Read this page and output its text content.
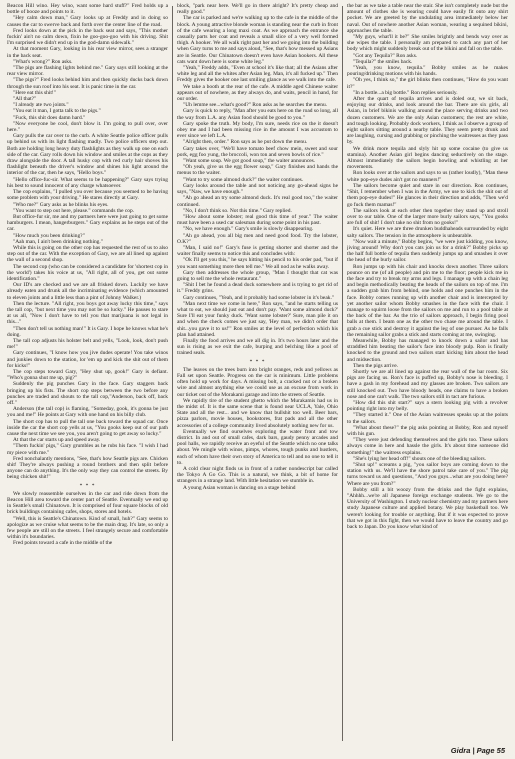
Beacon Hill wino. Hey wino, want some hard stuff?" Fred holds up a bottle of booze and points to it.

"Hey calm down man," Gary looks up at Freddy and in doing so causes the car to swerve back and forth over the center line of the road.

Fred looks down at the pick in the back seat and says, "This mother fuckin' ain't no calm down, fixin he goo-goo-goo with his driving. Shit I'm surprised we didn't end up in the god-damn sidewalk."

At that moment Gary, looking in his rear view mirror, sees a stranger in the back seat.

"What's wrong?" Ron asks.

"The pigs are flashing lights behind me." Gary says still looking at the rear view mirror.

"The pigs?" Fred looks behind him and then quickly ducks back down through the sun roof into his seat. It is panic time in the car.

"Here eat this shit!"

"All that?"

"I already ate two joints."

"You eat it man, I gotta talk to the pigs."

"Fuck, this shit does damn hard."

"Now everyone be cool, don't blow it. I'm going to pull over, over here."

Gary pulls the car over to the curb. A white Seattle police officer pulls up behind us with its light flashing madly. Two police officers step out. Both are holding long heavy duty flashlights as they walk up one on each side of the car. Gary rolls down his window and smiles at the cops as they draw alongside the door. A tall husky cop with red curly hair shoves his flashlight beneath the driver's window and shines his light around the interior of the car, then he says, "Hello boys."

"Hello office-fuc-sir. What seems to be happening?" Gary says trying his best to sound innocent of any charge whatsoever.

The cop explains, "I pulled you over because you seemed to be having some problem with your driving." He stares directly at Gary.

"Who me?" Gary asks as he blinks his eyes.

"You want to step out here, please." commands the cop.

But office-fur sir, me and my partners here were just going to get some hamburgers. I mean, hangerburgers." Gary explains as he steps out of the car.

"How much you been drinking?"

"Aah man, I ain't been drinking nothing."

While this is going on the other cop has requested the rest of us to also step out of the car. With the exception of Gary, we are all lined up against the wall of a second shop.

The second cop (who can be considered a candidate for 'shortest cop in the world') takes his voice at us, "All right, all of you, get out some identification."

Our ID's are checked and we are all frisked down. Luckily we have already eaten and drunk all the incriminating evidence (which amounted to eleven joints and a little less than a pint of Johnny Walker.)

Then the lecture. "All right, you boys got away lucky this time," says the tall cop, "but next time you may not be so lucky." He pauses to stare at us all, "Now I don't have to tell you that marijuana is not legal in this..."

"Then don't tell us nothing man!" It is Gary. I hope he knows what he's doing.

The tall cop adjusts his holster belt and yells, "Look, look, don't push me!"

Gary continues, "I know how you jive dudes operate! You take winos and junkies down to the station, lor 'em up and kick the shit out of them for kicks!"

The cop steps toward Gary, "Hey shut up, gook!" Gary is defiant. "Who's gonna shut me up, pig?"

Suddenly the pig punches Gary in the face. Gary staggers back bringing up his fists. The short cop steps between the two before any punches are traded and shouts to the tall cop,"Anderson, back off, back off."

Anderson (the tall cop) is flaming, "Someday, gook, it's gonna be just you and me!" He points at Gary with one hand on his billy club.

The short cop has to pull the tall one back toward the squad car. Once inside the car the short cop yells at us, "You gooks keep out of our path cause the next time we see you, you aren't going to get away so lucky."

At that the car starts up and speed away.

"Them fuckin' pigs," Gary grumbles as he rubs his face. "I wish I had my piece with me."

Fred nonchalantly mentions, "See, that's how Seattle pigs are. Chicken shit! They're always pushing a round brothers and then split before anyone can do anything. It's the only way they can control the streets. By being chicken shit!"

* * *

We slowly reassemble ourselves in the car and ride down from the Beacon Hill area toward the center part of Seattle. Eventually we end up in Seattle's small Chinatown. It is comprised of four square blocks of old brick buildings containing cafes, shops, stores and hotels.

"Well, this is Seattle's Chinatown. Kind of small, huh?" Gary seems to apologize as we cruise what seems to be the main drag. It's late, so only a few people are still on the streets. I feel strangely secure and comfortable within it's boundaries.

Fred points toward a cafe in the middle of the

block, "park near here. We'll go in there alright? It's pretty cheap and really good."

The car is parked and we're walking up to the cafe in the middle of the block. A young attractive blonde woman is standing near the curb in front of the cafe wearing a long maxi coat. As we approach the entrance she casually parts her coat and reveals a small slice of a very well formed thigh. A hooker. We all walk right past her and we going into the building when Gary turns to me and says aloud, "See, that's how messed up Asians are in Seattle. Our Chinatown doesn't even have Asian hookers. All these cats want down here is some white leg."

"Yeah," Freddy adds, "Even at school it's like that; all the Asians after white leg and all the whites after Asian leg. Man, it's all fucked up." Then Freddy gives the hooker one last smiling glance as we walk into the cafe.

We take a booth at the rear of the cafe. A middle aged Chinese waiter appears out of nowhere, as they always do, and waits, pencil in hand, for our order.

"Uh lemme see...what's good?" Ron asks as he searches the menu.

Gary is quick to reply, "Man after you eats here on the road so long, all the way from L.A. any Asian food should be good to you."

Gary spoke the truth. My body, I'm sure, needs rice on the it doesn't obey me and I had been missing rice in the amount I was accustom to ever since we left L.A.

"Alright then, order." Ron says as he put down the menu.

Gary takes over, "We'll have tomato beef chow mein, sweet and sour pork, egg foo yung, the broccoli, won ton and seven bowls of rice."

"Want some soup. We got good soup," the waiter announces.

"Oh yeah, give us the egg flower soup," Gary finishes and hands the menus to the waiter.

"Want to try some almond duck?" the waiter continues.

Gary looks around the table and not noticing any go-ahead signs he says, "Naw, we have enough."

"Ah go ahead an try some almond duck. It's real good too," the waiter continued.

"No, I don't think so. Not this time." Gary replied.

"How about some lobster; real good this time of year." The waiter must have been a used car salesman during some point in his past.

"No, we have enough." Gary's smile is slowly disappearing.

"Ah go ahead, you all big men and need good food. Try the lobster, O.K?"

"Man, I said no!" Gary's fuse is getting shorter and shorter and the waiter finally seems to notice this and concludes with:

"Ok I'll get you this," he says hitting his pencil to his order pad, "but if you want something more then tell me." We all nod as he walks away.

Gary then addresses the whole group, "Man I thought that cat was going to sell me the whole restaurant."

"Shit I bet he found a dead duck somewhere and is trying to get rid of it." Freddy grins.

Gary continues, "Yeah, and it probably had some lobster in it's beak."

"Man next time we come in here," Ron says, "and he starts telling us what to eat, we should just eat and don't pay. 'Want some almond duck?' Sure I'll eat your funky duck. 'Want some lobster?' Sure, man pile it on and when the check comes we just say, 'Hey man, we didn't order that shit...you gave it to us!'" Ron smiles at the level of perfection which his plan had attained.

Finally the food arrives and we all dig in. It's two hours later and the sun is rising as we exit the cafe, burping and belching like a pool of trained seals.

* * *

The leaves on the trees burn into bright oranges, reds and yellows as Fall set upon Seattle. Progress on the car is minimum. Little problems often hold up work for days. A missing bolt, a cracked nut or a broken wire and almost anything else we could use as an excuse from work in our ticket out of the Morakami garage and into the streets of Seattle.

We rapidly tire of the student ghetto which the Murakamis had us in the midst of. It is the same scene that is found near UCLA, Yale, Ohio State and all the rest... and we know that bullshit too well. Beer bars, pizza parlors, movie houses, bookstores, frat pads and all the other accessories of a college community lived absolutely nothing new for us.

Eventually we find ourselves exploring the water front and tow district. In and out of small cafes, dark bars, gaudy penny arcades and pool halls, we rapidly receive an eyeful of the Seattle which no one talks about. We mingle with winos, pimps, whores, tough punks and hustlers, each of whom have their own story of America to tell and no one to tell it to.

A cold clear night finds us in front of a rather nondescript bar called the Tokyo A Go Go. This is a natural, we think, a bit of home for strangers in a strange land. With little hesitation we stumble in.

A young Asian woman is dancing on a stage behind

the bar as we take a table near the stair. She isn't completely nude but the amount of clothes she is wearing could have easily fit onto any shirt pocket. We are greeted by the undulating area immediately below her naval. Out of nowhere another Asian woman, wearing a sequined bikini, approaches the table.

"My guys, what'll it be?" She smiles brightly and bends way over as she wipes the table. I personally am prepared to catch any part of her body which might suddenly break out of the bikini and fall on the table.

"Got any Tequila?" Ron asks.

"Tequila?" the smiles back.

"Yeah, you know, tequila." Bobby smiles as he makes pouring/drinking motions with his hands.

"Oh yes, I think so," the girl blinks then continues, "How do you want it?"

"In a bottle...a big bottle." Ron replies seriously.

After the quart of tequila arrives and is doled out, we sit back, enjoying our drinks, and look around the bar. There are six girls, all Asian, in brief bikinis walking around the place serving drinks and two dozen customers. We are the only Asian customers; the rest are white, and tough looking. Probably dock workers, I think as I observe a group of eight sailors sitting around a nearby table. They seem pretty drunk and are laughing, cursing and grabbing or pinching the waitresses as they pass by.

We drink more tequila and slyly hit up some cocaine (to give us stamina). Another Asian girl begins dancing seductively on the stage. Almost immediately the sailors begin howling and whistling at her movements.

Ron looks over at the sailors and says to us (rather loudly), "Man these white pop-eye dudes ain't got no manners!"

The sailors become quiet and stare in our direction. Ron continues, "Shit, I remember when I was in the Army, we use to kick the shit out of them pop-eye dudes!" He glances in their direction and adds, "Then we'd go fuck them mamas!"

The sailors look at each other then together they stand up and stroll over to our table. One of the larger more burly sailors says, "You gooks are full of shit! I don't take no shit from no gooks!"

It's quiet. Here we are three drunken buddhaheads surrounded by eight salty sailors. The tension in the atmosphere is unbearable.

"Now wait a minute," Bobby begins, "we were just kidding, you know, jiving around! Why don't you cats join us for a drink?" Bobby picks up the half full bottle of tequila then suddenly jumps up and smashes it over the head of the burly sailor.

Ron jumps up with his chair and knocks down another. Three sailors pounce on me (of all people) and pin me to the floor; people kick me in the face and try to break my arms and legs. I manage up with a chain leg and begin methodically beating the heads of the sailors on top of me. I'm a sudden grab him from behind, one holds and one punches him in the face. Bobby comes running up with another chair and is intercepted by yet another sailor whom Bobby smashes in the face with the chair. I manage to squirm loose from the sailors on me and run to a pool table at the back of the bar. As the trio of sailors approach, I begin firing pool balls at them. I beam one as the other two chase me around the table. I grab a cue stick and destroy it against the leg of one pursuer. As he falls the remaining sailor grabs a stick and starts coming at me, swinging.

Meanwhile, Bobby has managed to knock down a sailor and has straddled him beating the sailor's face into bloody pulp. Ron is finally knocked to the ground and two sailors start kicking him about the head and midsection.

Then the pigs arrive.

Shortly we are all lined up against the rear wall of the bar room. Six pigs are facing us. Ron's face is puffed up, Bobby's nose is bleeding. I have a gash in my forehead and my glasses are broken. Two sailors are still knocked out. Two have bloody heads, one claims to have a broken nose and one can't walk. The two sailors still in tact are furious.

"How did this shit start?" says a stern looking pig with a revolver pointing right into my belly.

"They started it." One of the Asian waitresses speaks up at the points to the sailors.

"What about these?" the pig asks pointing at Bobby, Ron and myself with his gun.

"They were just defending themselves and the girls too. These sailors always come in here and hassle the girls. It's about time someone did something!" the waitress explains.

"She's lying her head off!" shouts one of the bleeding sailors.

"Shut up!" screams a pig, "you sailor boys are coming down to the station with us. We'll have the shore patrol take care of you." The pig turns toward us and questions, "And you guys...what are you doing here? Where are you from?"

Bobby still a bit woozy from the drinks and the fight explains, "Ahhhh...we're all Japanese foreign exchange students. We go to the University of Washington. I study nuclear chemistry and my partners here study Japanese culture and applied botany. We play basketball too. We weren't looking for trouble or anything. But if it was expected to prove that we got in this fight, then we would have to leave the country and go back to Japan. Do you know what kind of

Gidra | Page 55
